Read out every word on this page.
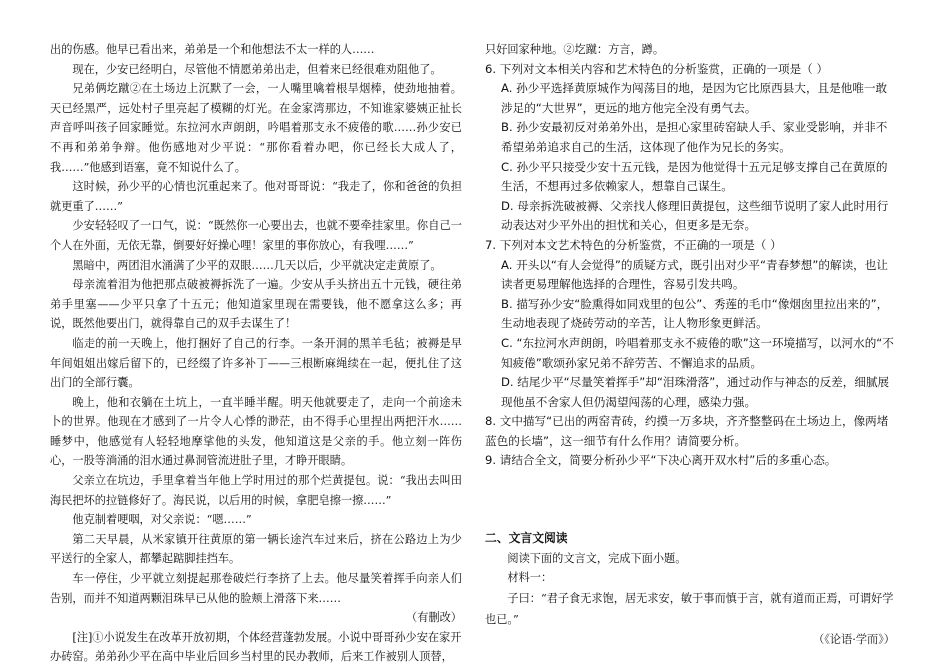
出的伤感。他早已看出来，弟弟是一个和他想法不太一样的人……

现在，少安已经明白，尽管他不情愿弟弟出走，但着来已经很难劝阻他了。

兄弟俩圪蹴②在土场边上沉默了一会，一人嘴里噙着根旱烟棒，使劲地抽着。天已经黑严，远处村子里亮起了模糊的灯光。在金家湾那边，不知谁家婆姨正扯长声音呼叫孩子回家睡觉。东拉河水声朗朗，吟唱着那支永不疲倦的歌……孙少安已不再和弟弟争辩。他伤感地对少平说：“那你看着办吧，你已经长大成人了，我……”他感到语塞，竟不知说什么了。

这时候，孙少平的心情也沉重起来了。他对哥哥说：“我走了，你和爸爸的负担就更重了……”

少安轻轻叹了一口气，说：“既然你一心要出去，也就不要牵挂家里。你自己一个人在外面，无依无靠，倒要好好操心哩！家里的事你放心，有我哩……”

黑暗中，两团泪水涌满了少平的双眼……几天以后，少平就决定走黄原了。

母亲流着泪为他把那点破被褥拆洗了一遍。少安从手头挤出五十元钱，硬往弟弟手里塞——少平只拿了十五元；他知道家里现在需要钱，他不愿拿这么多；再说，既然他要出门，就得靠自己的双手去谋生了！

临走的前一天晚上，他打捆好了自己的行李。一条开洞的黑羊毛毡；被褥是早年间姐姐出嫁后留下的，已经缀了许多补丁——三根断麻绳续在一起，便扎住了这出门的全部行囊。

晚上，他和衣躺在土坑上，一直半睡半醒。明天他就要走了，走向一个前途未卜的世界。他现在才感到了一片令人心悸的渺茫，由不得手心里捏出两把汗水……睡梦中，他感觉有人轻轻地摩挲他的头发，他知道这是父亲的手。他立刻一阵伤心，一股等淌涌的泪水通过鼻洞管流进肚子里，才睁开眼睛。

父亲立在坑边，手里拿着当年他上学时用过的那个烂黄提包。说：“我出去叫田海民把坏的拉链修好了。海民说，以后用的时候，拿肥皂擦一擦……”

他克制着哽咽，对父亲说：“嗯……”

第二天早晨，从米家镇开往黄原的第一辆长途汽车过来后，挤在公路边上为少平送行的全家人，都攀起踮脚挂挡车。

车一停住，少平就立刻提起那卷破烂行李挤了上去。他尽量笑着挥手向亲人们告别，而并不知道两颗泪珠早已从他的脸颊上滑落下来……

（有删改）

[注]①小说发生在改革开放初期，个体经营蓬勃发展。小说中哥哥孙少安在家开办砖窑。弟弟孙少平在高中毕业后回乡当村里的民办教师，后来工作被别人顶替，

只好回家种地。②圪蹴：方言，蹲。

6. 下列对文本相关内容和艺术特色的分析鉴赏，正确的一项是（ ）

A. 孙少平选择黄原城作为闯荡目的地，是因为它比原西县大，且是他唯一敢涉足的“大世界”，更远的地方他完全没有勇气去。

B. 孙少安最初反对弟弟外出，是担心家里砖窑缺人手、家业受影响，并非不希望弟弟追求自己的生活，这体现了他作为兄长的务实。

C. 孙少平只接受少安十五元钱，是因为他觉得十五元足够支撑自己在黄原的生活，不想再过多依赖家人，想靠自己谋生。

D. 母亲拆洗破被褥、父亲找人修理旧黄提包，这些细节说明了家人此时用行动表达对少平外出的担忧和关心，但更多是无奈。

7. 下列对本文艺术特色的分析鉴赏，不正确的一项是（ ）

A. 开头以“有人会觉得”的质疑方式，既引出对少平“青春梦想”的解读，也让读者更易理解他选择的合理性，容易引发共鸣。

B. 描写孙少安“脸熏得如同戏里的包公”、秀莲的毛巾“像烟囱里拉出来的”，生动地表现了烧砖劳动的辛苦，让人物形象更鲜活。

C. “东拉河水声朗朗，吟唱着那支永不疲倦的歌”这一环境描写，以河水的“不知疲倦”歌颂孙家兄弟不辞劳苦、不懈追求的品质。

D. 结尾少平“尽量笑着挥手”却“泪珠滑落”，通过动作与神态的反差，细腻展现他虽不舍家人但仍渴望闯荡的心理，感染力强。

8. 文中描写“已出的两窑青砖，约摸一万多块，齐齐整整码在土场边上，像两堵蓝色的长墙”，这一细节有什么作用？请简要分析。

9. 请结合全文，简要分析孙少平“下决心离开双水村”后的多重心态。

二、文言文阅读

阅读下面的文言文，完成下面小题。

材料一：

子曰：“君子食无求饱，居无求安，敏于事而慎于言，就有道而正焉，可谓好学也已。”

（《论语·学而》）
